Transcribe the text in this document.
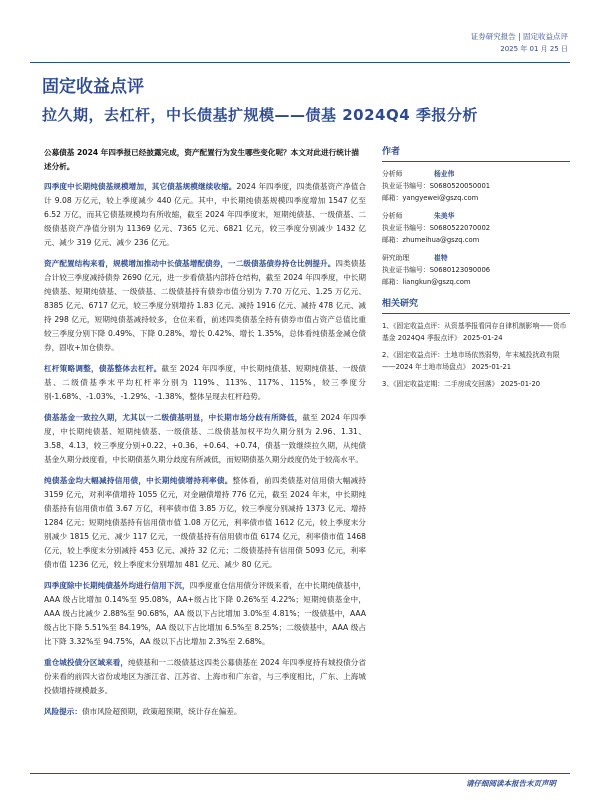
证券研究报告 | 固定收益点评
2025 年 01 月 25 日
固定收益点评
拉久期，去杠杆，中长债基扩规模——债基 2024Q4 季报分析
公募债基 2024 年四季报已经披露完成，资产配置行为发生哪些变化呢？本文对此进行统计描述分析。

四季度中长期纯债基规模增加，其它债基规模继续收缩。2024 年四季度，四类债基资产净值合计 9.08 万亿元，较上季度减少 440 亿元。其中，中长期纯债基规模四季度增加 1547 亿至 6.52 万亿，而其它债基规模均有所收缩，截至 2024 年四季度末，短期纯债基、一级债基、二级债基资产净值分别为 11369 亿元、7365 亿元、6821 亿元，较三季度分别减少 1432 亿元、减少 319 亿元、减少 236 亿元。

资产配置结构来看，规模增加推动中长债基增配债券，一二级债基债券持仓比例提升。四类债基合计较三季度减持债券 2690 亿元，进一步看债基内部持仓结构，截至 2024 年四季度，中长期纯债基、短期纯债基、一级债基、二级债基持有债券市值分别为 7.70 万亿元、1.25 万亿元、8385 亿元、6717 亿元，较三季度分别增持 1.83 亿元、减持 1916 亿元、减持 478 亿元、减持 298 亿元，短期纯债基减持较多，仓位来看，前述四类债基全持有债券市值占资产总值比重较三季度分别下降 0.49%、下降 0.28%、增长 0.42%、增长 1.35%，总体看纯债基金减仓债券，固收+加仓债券。

杠杆策略调整，债基整体去杠杆。截至 2024 年四季度，中长期纯债基、短期纯债基、一级债基、二级债基季末平均杠杆率分别为 119%、113%、117%、115%，较三季度分别-1.68%、-1.03%、-1.29%、-1.38%，整体呈现去杠杆趋势。

债基基金一致拉久期，尤其以一二级债基明显，中长期市场分歧有所降低，截至 2024 年四季度，中长期纯债基、短期纯债基、一级债基、二级债基加权平均久期分别为 2.96、1.31、3.58、4.13，较三季度分别+0.22、+0.36、+0.64、+0.74，债基一致继续拉久期，从纯债基金久期分歧度看，中长期债基久期分歧度有所减低，而短期债基久期分歧度仍处于较高水平。

纯债基金均大幅减持信用债，中长期纯债增持利率债。整体看，前四类债基对信用债大幅减持 3159 亿元，对利率债增持 1055 亿元，对金融债增持 776 亿元，截至 2024 年末，中长期纯债基持有信用债市值 3.67 万亿，利率债市值 3.85 万亿，较三季度分别减持 1373 亿元、增持 1284 亿元；短期纯债基持有信用债市值 1.08 万亿元，利率债市值 1612 亿元，较上季度末分别减少 1815 亿元、减少 117 亿元，一级债基持有信用债市值 6174 亿元，利率债市值 1468 亿元，较上季度末分别减持 453 亿元、减持 32 亿元；二级债基持有信用债 5093 亿元，利率债市值 1236 亿元，较上季度末分别增加 481 亿元、减少 80 亿元。

四季度除中长期纯债基外均进行信用下沉，四季度重仓信用债分评级来看，在中长期纯债基中，AAA 级占比增加 0.14%至 95.08%，AA+级占比下降 0.26%至 4.22%；短期纯债基金中，AAA 级占比减少 2.88%至 90.68%，AA 级以下占比增加 3.0%至 4.81%；一级债基中，AAA 级占比下降 5.51%至 84.19%，AA 级以下占比增加 6.5%至 8.25%；二级债基中，AAA 级占比下降 3.32%至 94.75%，AA 级以下占比增加 2.3%至 2.68%。

重仓城投债分区域来看，纯债基和一二级债基这四类公募债基在 2024 年四季度持有城投债分省份来看的前四大省份或地区为浙江省、江苏省、上海市和广东省，与三季度相比，广东、上海城投债增持规模最多。

风险提示：债市风险超预期，政策超预期，统计存在偏差。

作者
分析师	杨业伟
执业证书编号：S0680520050001
邮箱：yangyewei@gszq.com
分析师	朱美华
执业证书编号：S0680522070002
邮箱：zhumeihua@gszq.com
研究助理	崔特
执业证书编号：S0680123090006
邮箱：liangkun@gszq.com
相关研究
1、《固定收益点评：从资基季报看同存自律机制影响——货币基金 2024Q4 季报点评》 2025-01-24
2、《固定收益点评：土地市场依然弱势，年末城投扰政有限——2024 年土地市场盘点》 2025-01-21
3、《固定收益定期：二手房成交回落》 2025-01-20
请仔细阅读本报告末页声明
